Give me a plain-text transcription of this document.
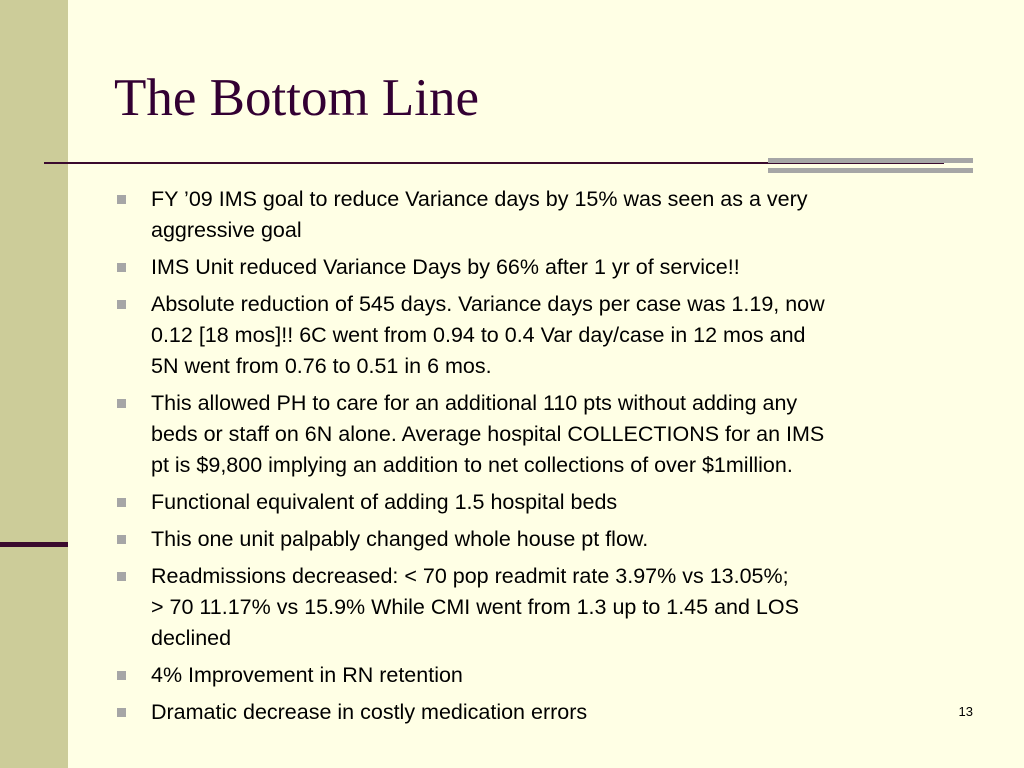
The Bottom Line
FY ’09 IMS goal to reduce Variance days by 15% was seen as a very
aggressive goal
IMS Unit reduced Variance Days by 66% after 1 yr of service!!
Absolute reduction of 545 days. Variance days per case was 1.19, now
0.12 [18 mos]!! 6C went from 0.94 to 0.4 Var day/case in 12 mos and
5N went from 0.76 to 0.51 in 6 mos.
This allowed PH to care for an additional 110 pts without adding any
beds or staff on 6N alone. Average hospital COLLECTIONS for an IMS
pt is $9,800 implying an addition to net collections of over $1million.
Functional equivalent of adding 1.5 hospital beds
This one unit palpably changed whole house pt flow.
Readmissions decreased: < 70 pop readmit rate 3.97% vs 13.05%;
> 70 11.17% vs 15.9% While CMI went from 1.3 up to 1.45 and LOS
declined
4% Improvement in RN retention
Dramatic decrease in costly medication errors	13
